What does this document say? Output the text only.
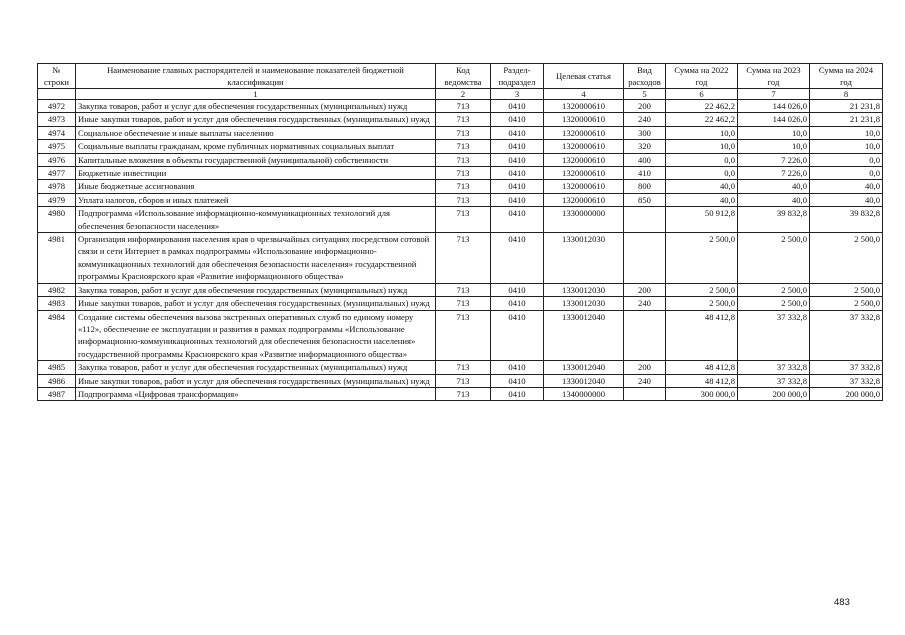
№ строки	Наименование главных распорядителей и наименование показателей бюджетной классификации	Код ведомства	Раздел-подраздел	Целевая статья	Вид расходов	Сумма на 2022 год	Сумма на 2023 год	Сумма на 2024 год
	1	2	3	4	5	6	7	8
4972	Закупка товаров, работ и услуг для обеспечения государственных (муниципальных) нужд	713	0410	1320000610	200	22 462,2	144 026,0	21 231,8
4973	Иные закупки товаров, работ и услуг для обеспечения государственных (муниципальных) нужд	713	0410	1320000610	240	22 462,2	144 026,0	21 231,8
4974	Социальное обеспечение и иные выплаты населению	713	0410	1320000610	300	10,0	10,0	10,0
4975	Социальные выплаты гражданам, кроме публичных нормативных социальных выплат	713	0410	1320000610	320	10,0	10,0	10,0
4976	Капитальные вложения в объекты государственной (муниципальной) собственности	713	0410	1320000610	400	0,0	7 226,0	0,0
4977	Бюджетные инвестиции	713	0410	1320000610	410	0,0	7 226,0	0,0
4978	Иные бюджетные ассигнования	713	0410	1320000610	800	40,0	40,0	40,0
4979	Уплата налогов, сборов и иных платежей	713	0410	1320000610	850	40,0	40,0	40,0
4980	Подпрограмма «Использование информационно-коммуникационных технологий для обеспечения безопасности населения»	713	0410	1330000000		50 912,8	39 832,8	39 832,8
4981	Организация информирования населения края о чрезвычайных ситуациях посредством сотовой связи и сети Интернет в рамках подпрограммы «Использование информационно-коммуникационных технологий для обеспечения безопасности населения» государственной программы Красноярского края «Развитие информационного общества»	713	0410	1330012030		2 500,0	2 500,0	2 500,0
4982	Закупка товаров, работ и услуг для обеспечения государственных (муниципальных) нужд	713	0410	1330012030	200	2 500,0	2 500,0	2 500,0
4983	Иные закупки товаров, работ и услуг для обеспечения государственных (муниципальных) нужд	713	0410	1330012030	240	2 500,0	2 500,0	2 500,0
4984	Создание системы обеспечения вызова экстренных оперативных служб по единому номеру «112», обеспечение ее эксплуатации и развития в рамках подпрограммы «Использование информационно-коммуникационных технологий для обеспечения безопасности населения» государственной программы Красноярского края «Развитие информационного общества»	713	0410	1330012040		48 412,8	37 332,8	37 332,8
4985	Закупка товаров, работ и услуг для обеспечения государственных (муниципальных) нужд	713	0410	1330012040	200	48 412,8	37 332,8	37 332,8
4986	Иные закупки товаров, работ и услуг для обеспечения государственных (муниципальных) нужд	713	0410	1330012040	240	48 412,8	37 332,8	37 332,8
4987	Подпрограмма «Цифровая трансформация»	713	0410	1340000000		300 000,0	200 000,0	200 000,0
483
